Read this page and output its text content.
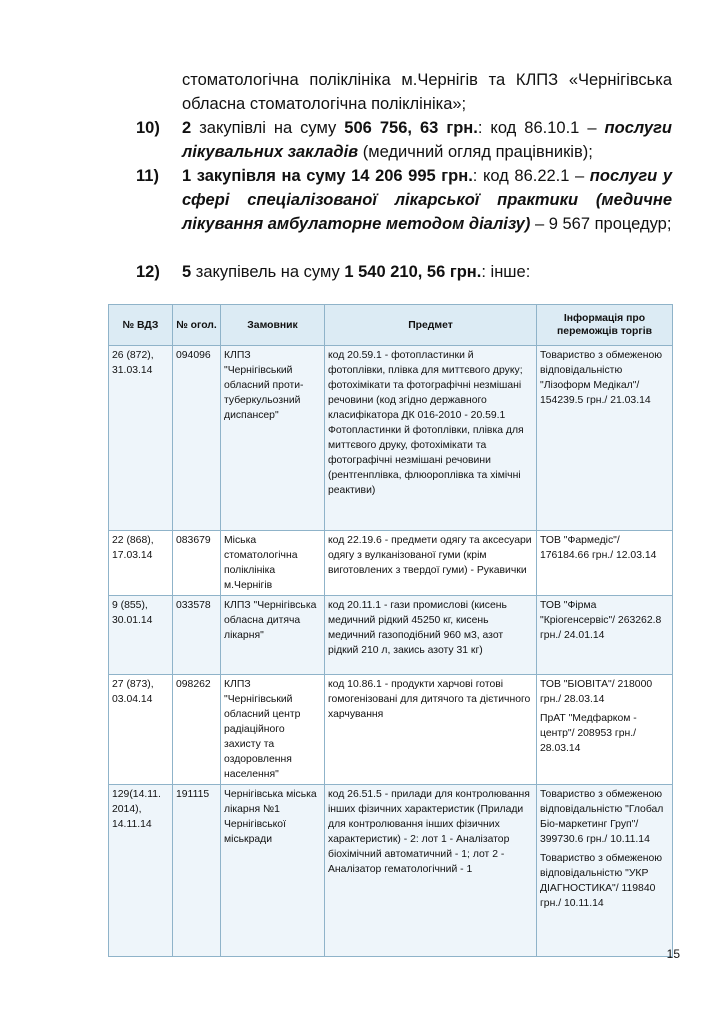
стоматологічна поліклініка м.Чернігів та КЛПЗ «Чернігівська обласна стоматологічна поліклініка»;
10)	2 закупівлі на суму 506 756, 63 грн.: код 86.10.1 – послуги лікувальних закладів (медичний огляд працівників);
11)	1 закупівля на суму 14 206 995 грн.: код 86.22.1 – послуги у сфері спеціалізованої лікарської практики (медичне лікування амбулаторне методом діалізу) – 9 567 процедур;
12)	5 закупівель на суму 1 540 210, 56 грн.: інше:
№ ВДЗ	№ огол.	Замовник	Предмет	Інформація про переможців торгів
26 (872), 31.03.14	094096	КЛПЗ "Чернігівський обласний проти-туберкульозний диспансер"	код 20.59.1 - фотопластинки й фотоплівки, плівка для миттєвого друку; фотохімікати та фотографічні незмішані речовини (код згідно державного класифікатора ДК 016-2010 - 20.59.1 Фотопластинки й фотоплівки, плівка для миттєвого друку, фотохімікати та фотографічні незмішані речовини (рентгенплівка, флюороплівка та хімічні реактиви)	Товариство з обмеженою відповідальністю "Лізоформ Медікал"/ 154239.5 грн./ 21.03.14

22 (868), 17.03.14	083679	Міська стоматологічна поліклініка м.Чернігів	код 22.19.6 - предмети одягу та аксесуари одягу з вулканізованої гуми (крім виготовлених з твердої гуми) - Рукавички	ТОВ "Фармедіс"/ 176184.66 грн./ 12.03.14

9 (855), 30.01.14	033578	КЛПЗ "Чернігівська обласна дитяча лікарня"	код 20.11.1 - гази промислові (кисень медичний рідкий 45250 кг, кисень медичний газоподібний 960 м3, азот рідкий 210 л, закись азоту 31 кг)	ТОВ "Фірма "Кріогенсервіс"/ 263262.8 грн./ 24.01.14

27 (873), 03.04.14	098262	КЛПЗ "Чернігівський обласний центр радіаційного захисту та оздоровлення населення"	код 10.86.1 - продукти харчові готові гомогенізовані для дитячого та дієтичного харчування	ТОВ "БІОВІТА"/ 218000 грн./ 28.03.14
ПрАТ "Медфарком - центр"/ 208953 грн./ 28.03.14

129(14.11. 2014), 14.11.14	191115	Чернігівська міська лікарня №1 Чернігівської міськради	код 26.51.5 - прилади для контролювання інших фізичних характеристик (Прилади для контролювання інших фізичних характеристик) - 2: лот 1 - Аналізатор біохімічний автоматичний - 1; лот 2 - Аналізатор гематологічний - 1	Товариство з обмеженою відповідальністю "Глобал Біо-маркетинг Груп"/ 399730.6 грн./ 10.11.14
Товариство з обмеженою відповідальністю "УКР ДІАГНОСТИКА"/ 119840 грн./ 10.11.14
15
